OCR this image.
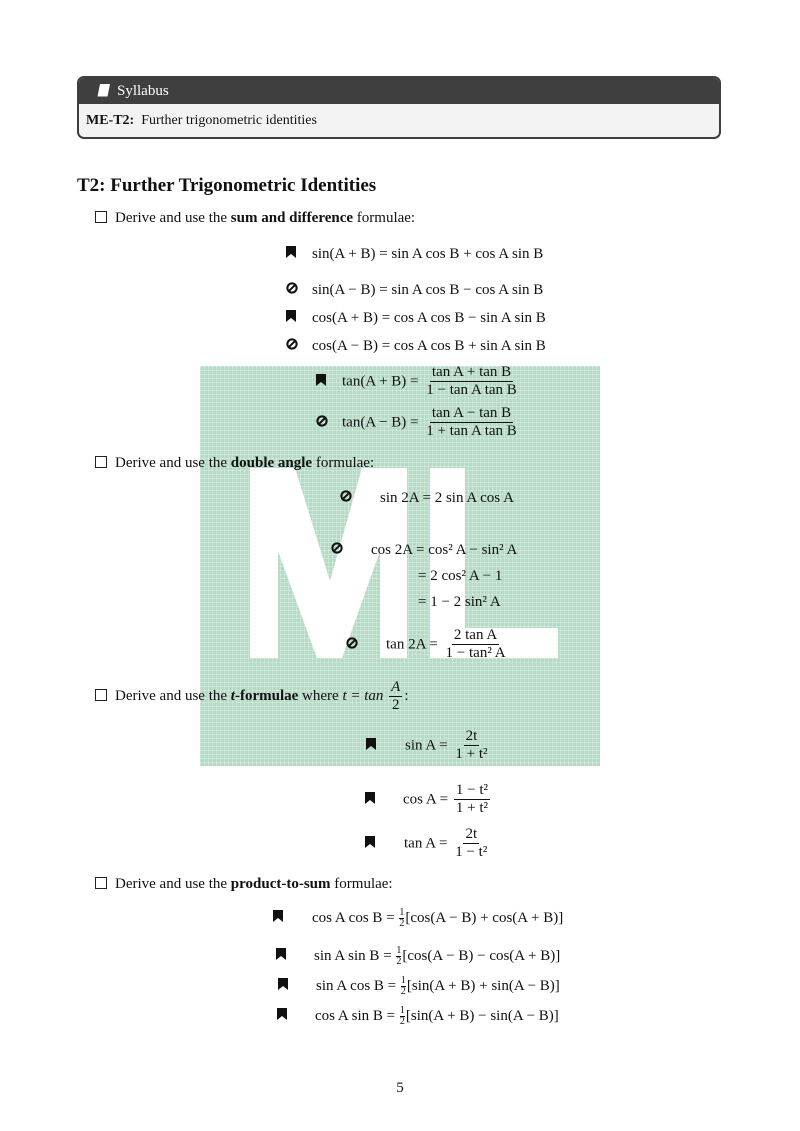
Syllabus
ME-T2: Further trigonometric identities
T2: Further Trigonometric Identities
Derive and use the sum and difference formulae:
sin(A + B) = sin A cos B + cos A sin B
sin(A − B) = sin A cos B − cos A sin B
cos(A + B) = cos A cos B − sin A sin B
cos(A − B) = cos A cos B + sin A sin B
$\tan(A + B) = \frac{\text{tan A + tan B}}{\text{1 − tan A tan B}}$
$\tan(A - B) = \frac{\text{tan A − tan B}}{\text{1 + tan A tan B}}$
Derive and use the double angle formulae:
sin 2A = 2 sin A cos A
cos 2A = cos² A − sin² A
= 2 cos² A − 1
= 1 − 2 sin² A
$\tan 2A = \frac{\text{2 tan A}}{\text{1 − tan² A}}$
Derive and use the t-formulae where $t = \tan \frac{A}{2}$ :
$\sin A = \frac{2t}{\text{1 + t²}}$
$\cos A = \frac{\text{1 − t²}}{\text{1 + t²}}$
$\tan A = \frac{2t}{\text{1 − t²}}$
Derive and use the product-to-sum formulae:
cos A $\cos B = \frac{1}{2} [\cos(A - B) + \cos(A + B)]$
sin A $\sin B = \frac{1}{2} [\cos(A - B) - \cos(A + B)]$
sin A $\cos B = \frac{1}{2} [\sin(A + B) + \sin(A - B)]$
cos A $\sin B = \frac{1}{2} [\sin(A + B) - \sin(A - B)]$
5
